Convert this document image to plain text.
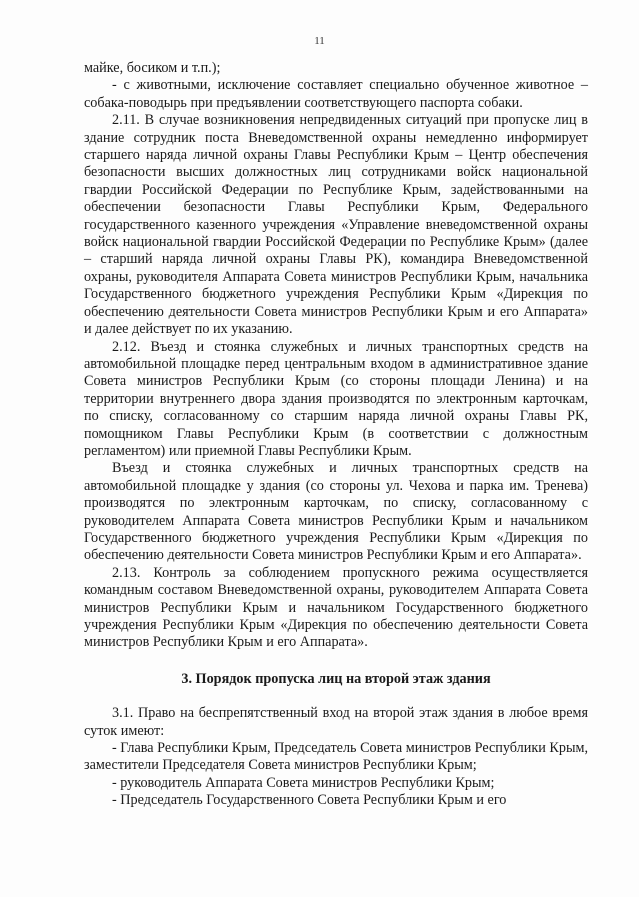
11

майке, босиком и т.п.);

- с животными, исключение составляет специально обученное животное – собака-поводырь при предъявлении соответствующего паспорта собаки.

2.11. В случае возникновения непредвиденных ситуаций при пропуске лиц в здание сотрудник поста Вневедомственной охраны немедленно информирует старшего наряда личной охраны Главы Республики Крым – Центр обеспечения безопасности высших должностных лиц сотрудниками войск национальной гвардии Российской Федерации по Республике Крым, задействованными на обеспечении безопасности Главы Республики Крым, Федерального государственного казенного учреждения «Управление вневедомственной охраны войск национальной гвардии Российской Федерации по Республике Крым» (далее – старший наряда личной охраны Главы РК), командира Вневедомственной охраны, руководителя Аппарата Совета министров Республики Крым, начальника Государственного бюджетного учреждения Республики Крым «Дирекция по обеспечению деятельности Совета министров Республики Крым и его Аппарата» и далее действует по их указанию.

2.12. Въезд и стоянка служебных и личных транспортных средств на автомобильной площадке перед центральным входом в административное здание Совета министров Республики Крым (со стороны площади Ленина) и на территории внутреннего двора здания производятся по электронным карточкам, по списку, согласованному со старшим наряда личной охраны Главы РК, помощником Главы Республики Крым (в соответствии с должностным регламентом) или приемной Главы Республики Крым.

Въезд и стоянка служебных и личных транспортных средств на автомобильной площадке у здания (со стороны ул. Чехова и парка им. Тренева) производятся по электронным карточкам, по списку, согласованному с руководителем Аппарата Совета министров Республики Крым и начальником Государственного бюджетного учреждения Республики Крым «Дирекция по обеспечению деятельности Совета министров Республики Крым и его Аппарата».

2.13. Контроль за соблюдением пропускного режима осуществляется командным составом Вневедомственной охраны, руководителем Аппарата Совета министров Республики Крым и начальником Государственного бюджетного учреждения Республики Крым «Дирекция по обеспечению деятельности Совета министров Республики Крым и его Аппарата».

3. Порядок пропуска лиц на второй этаж здания

3.1. Право на беспрепятственный вход на второй этаж здания в любое время суток имеют:

- Глава Республики Крым, Председатель Совета министров Республики Крым, заместители Председателя Совета министров Республики Крым;

- руководитель Аппарата Совета министров Республики Крым;

- Председатель Государственного Совета Республики Крым и его
